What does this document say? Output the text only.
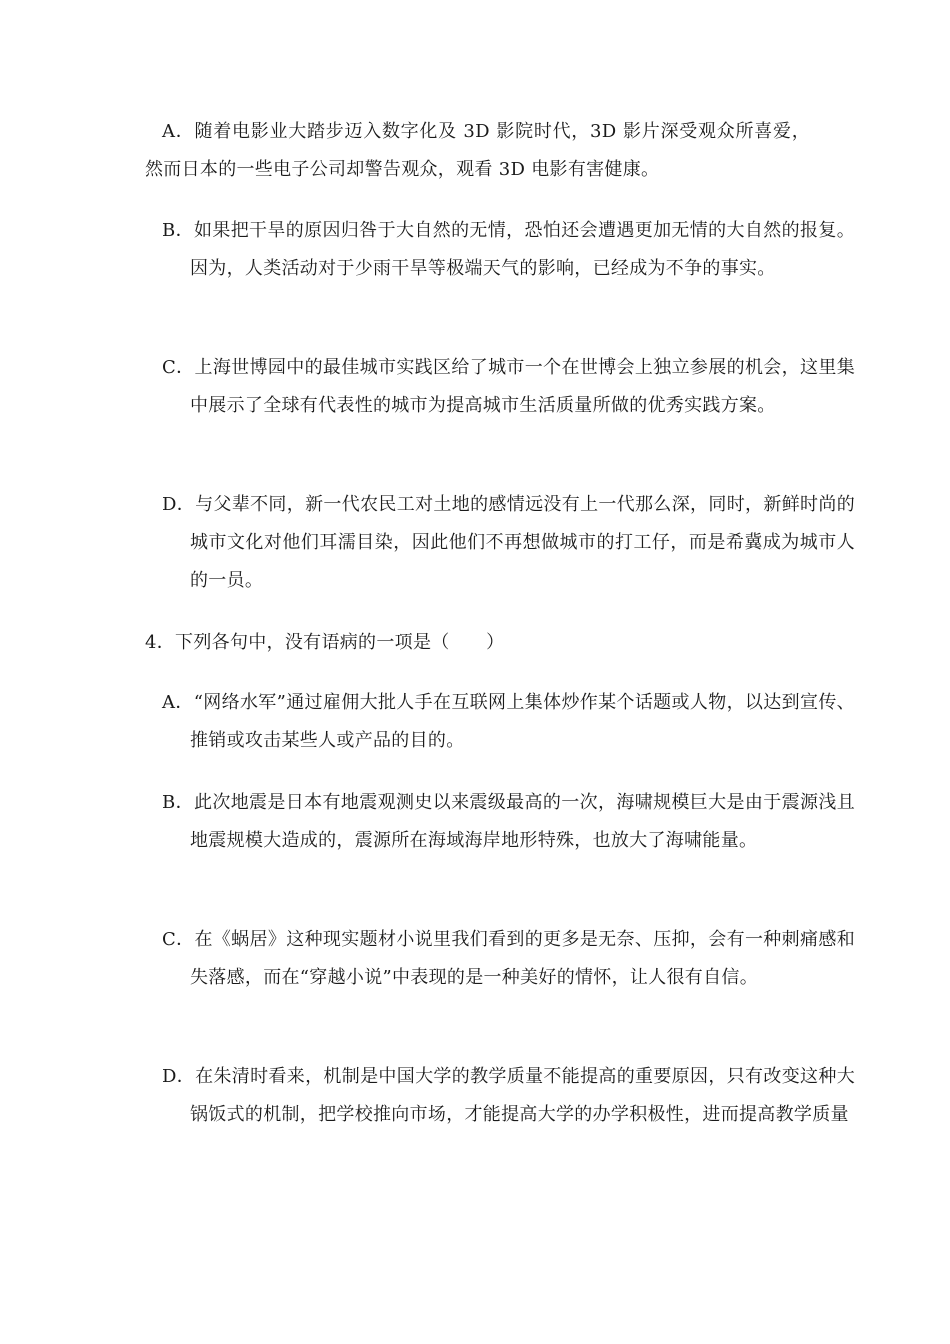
A．随着电影业大踏步迈入数字化及 3D 影院时代，3D 影片深受观众所喜爱，然而日本的一些电子公司却警告观众，观看 3D 电影有害健康。
B．如果把干旱的原因归咎于大自然的无情，恐怕还会遭遇更加无情的大自然的报复。因为，人类活动对于少雨干旱等极端天气的影响，已经成为不争的事实。
C．上海世博园中的最佳城市实践区给了城市一个在世博会上独立参展的机会，这里集中展示了全球有代表性的城市为提高城市生活质量所做的优秀实践方案。
D．与父辈不同，新一代农民工对土地的感情远没有上一代那么深，同时，新鲜时尚的城市文化对他们耳濡目染，因此他们不再想做城市的打工仔，而是希冀成为城市人的一员。
4．下列各句中，没有语病的一项是（　　）
A．“网络水军”通过雇佣大批人手在互联网上集体炒作某个话题或人物，以达到宣传、推销或攻击某些人或产品的目的。
B．此次地震是日本有地震观测史以来震级最高的一次，海啸规模巨大是由于震源浅且地震规模大造成的，震源所在海域海岸地形特殊，也放大了海啸能量。
C．在《蜗居》这种现实题材小说里我们看到的更多是无奈、压抑，会有一种刺痛感和失落感，而在“穿越小说”中表现的是一种美好的情怀，让人很有自信。
D．在朱清时看来，机制是中国大学的教学质量不能提高的重要原因，只有改变这种大锅饭式的机制，把学校推向市场，才能提高大学的办学积极性，进而提高教学质量
